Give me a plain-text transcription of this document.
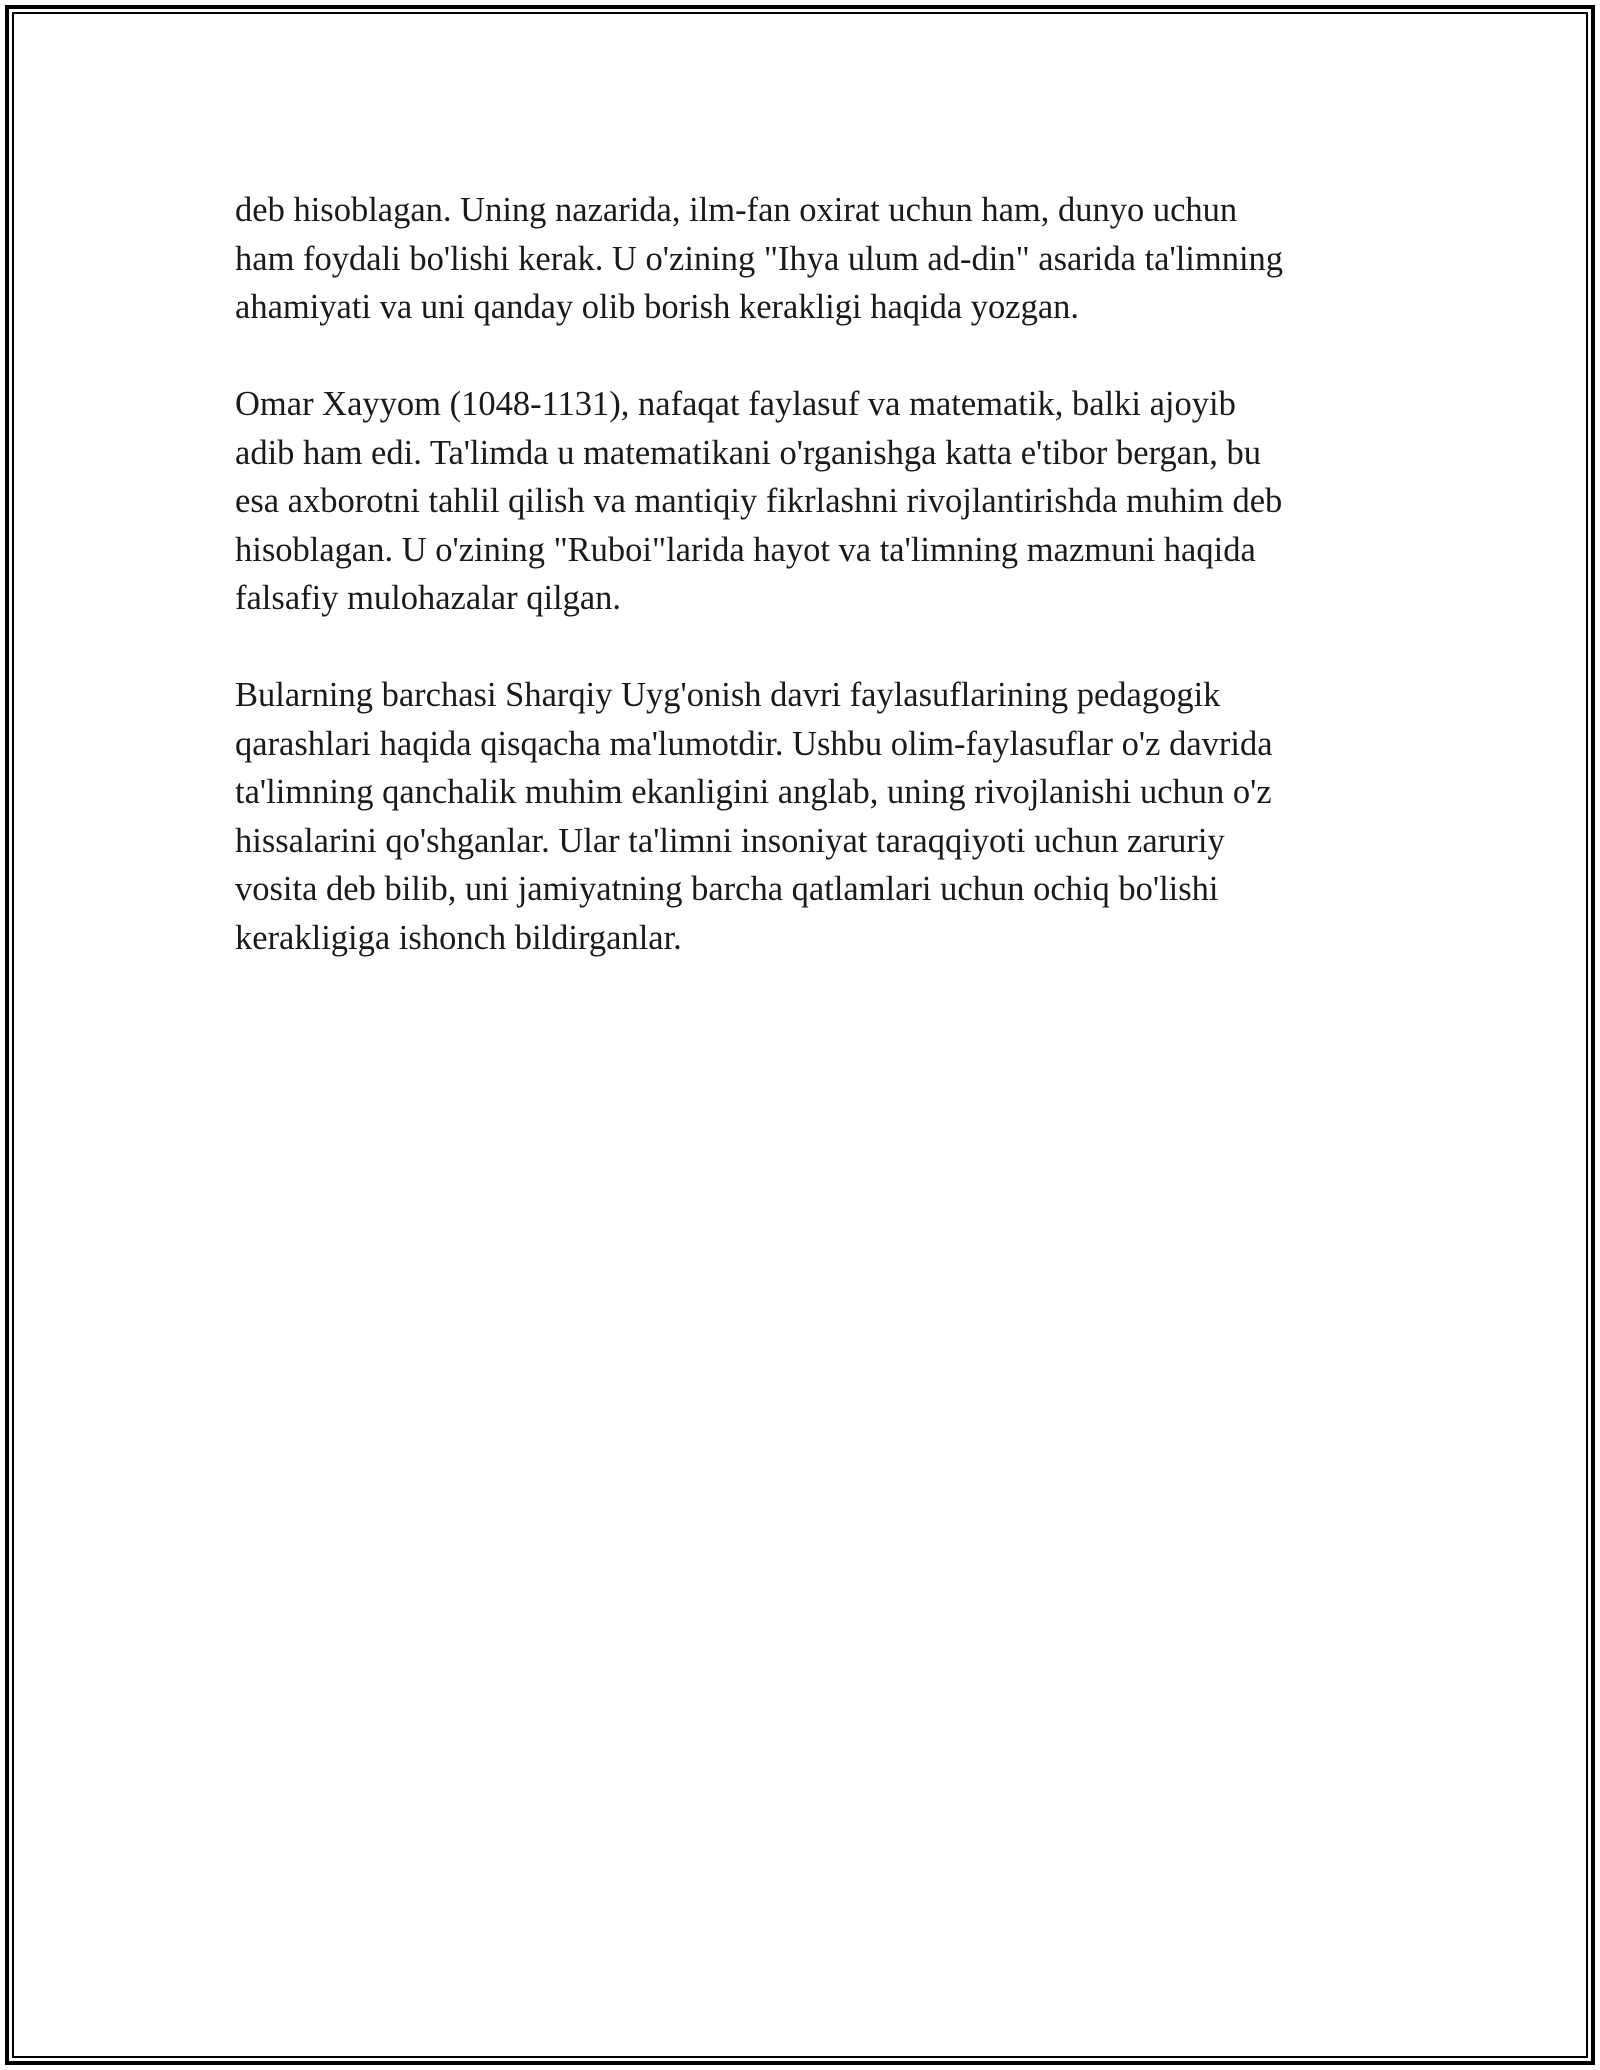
deb hisoblagan. Uning nazarida, ilm-fan oxirat uchun ham, dunyo uchun
ham foydali bo'lishi kerak. U o'zining "Ihya ulum ad-din" asarida ta'limning
ahamiyati va uni qanday olib borish kerakligi haqida yozgan.

Omar Xayyom (1048-1131), nafaqat faylasuf va matematik, balki ajoyib
adib ham edi. Ta'limda u matematikani o'rganishga katta e'tibor bergan, bu
esa axborotni tahlil qilish va mantiqiy fikrlashni rivojlantirishda muhim deb
hisoblagan. U o'zining "Ruboi"larida hayot va ta'limning mazmuni haqida
falsafiy mulohazalar qilgan.

Bularning barchasi Sharqiy Uyg'onish davri faylasuflarining pedagogik
qarashlari haqida qisqacha ma'lumotdir. Ushbu olim-faylasuflar o'z davrida
ta'limning qanchalik muhim ekanligini anglab, uning rivojlanishi uchun o'z
hissalarini qo'shganlar. Ular ta'limni insoniyat taraqqiyoti uchun zaruriy
vosita deb bilib, uni jamiyatning barcha qatlamlari uchun ochiq bo'lishi
kerakligiga ishonch bildirganlar.
